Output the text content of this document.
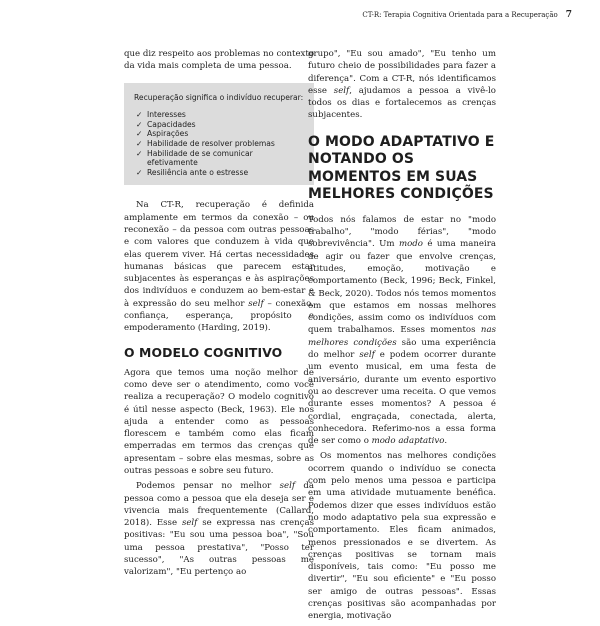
CT-R: Terapia Cognitiva Orientada para a Recuperação 7

que diz respeito aos problemas no contexto da vida mais completa de uma pessoa.

Recuperação significa o indivíduo recuperar:
✓ Interesses
✓ Capacidades
✓ Aspirações
✓ Habilidade de resolver problemas
✓ Habilidade de se comunicar efetivamente
✓ Resiliência ante o estresse

Na CT-R, recuperação é definida amplamente em termos da conexão – ou reconexão – da pessoa com outras pessoas e com valores que conduzem à vida que elas querem viver. Há certas necessidades humanas básicas que parecem estar subjacentes às esperanças e às aspirações dos indivíduos e conduzem ao bem-estar e à expressão do seu melhor self – conexão, confiança, esperança, propósito e empoderamento (Harding, 2019).

O MODELO COGNITIVO

Agora que temos uma noção melhor de como deve ser o atendimento, como você realiza a recuperação? O modelo cognitivo é útil nesse aspecto (Beck, 1963). Ele nos ajuda a entender como as pessoas florescem e também como elas ficam emperradas em termos das crenças que apresentam – sobre elas mesmas, sobre as outras pessoas e sobre seu futuro.

Podemos pensar no melhor self da pessoa como a pessoa que ela deseja ser e vivencia mais frequentemente (Callard, 2018). Esse self se expressa nas crenças positivas: "Eu sou uma pessoa boa", "Sou uma pessoa prestativa", "Posso ter sucesso", "As outras pessoas me valorizam", "Eu pertenço ao

grupo", "Eu sou amado", "Eu tenho um futuro cheio de possibilidades para fazer a diferença". Com a CT-R, nós identificamos esse self, ajudamos a pessoa a vivê-lo todos os dias e fortalecemos as crenças subjacentes.

O MODO ADAPTATIVO E NOTANDO OS MOMENTOS EM SUAS MELHORES CONDIÇÕES

Todos nós falamos de estar no "modo trabalho", "modo férias", "modo sobrevivência". Um modo é uma maneira de agir ou fazer que envolve crenças, atitudes, emoção, motivação e comportamento (Beck, 1996; Beck, Finkel, & Beck, 2020). Todos nós temos momentos em que estamos em nossas melhores condições, assim como os indivíduos com quem trabalhamos. Esses momentos nas melhores condições são uma experiência do melhor self e podem ocorrer durante um evento musical, em uma festa de aniversário, durante um evento esportivo ou ao descrever uma receita. O que vemos durante esses momentos? A pessoa é cordial, engraçada, conectada, alerta, conhecedora. Referimo-nos a essa forma de ser como o modo adaptativo.

Os momentos nas melhores condições ocorrem quando o indivíduo se conecta com pelo menos uma pessoa e participa em uma atividade mutuamente benéfica. Podemos dizer que esses indivíduos estão no modo adaptativo pela sua expressão e comportamento. Eles ficam animados, menos pressionados e se divertem. As crenças positivas se tornam mais disponíveis, tais como: "Eu posso me divertir", "Eu sou eficiente" e "Eu posso ser amigo de outras pessoas". Essas crenças positivas são acompanhadas por energia, motivação
